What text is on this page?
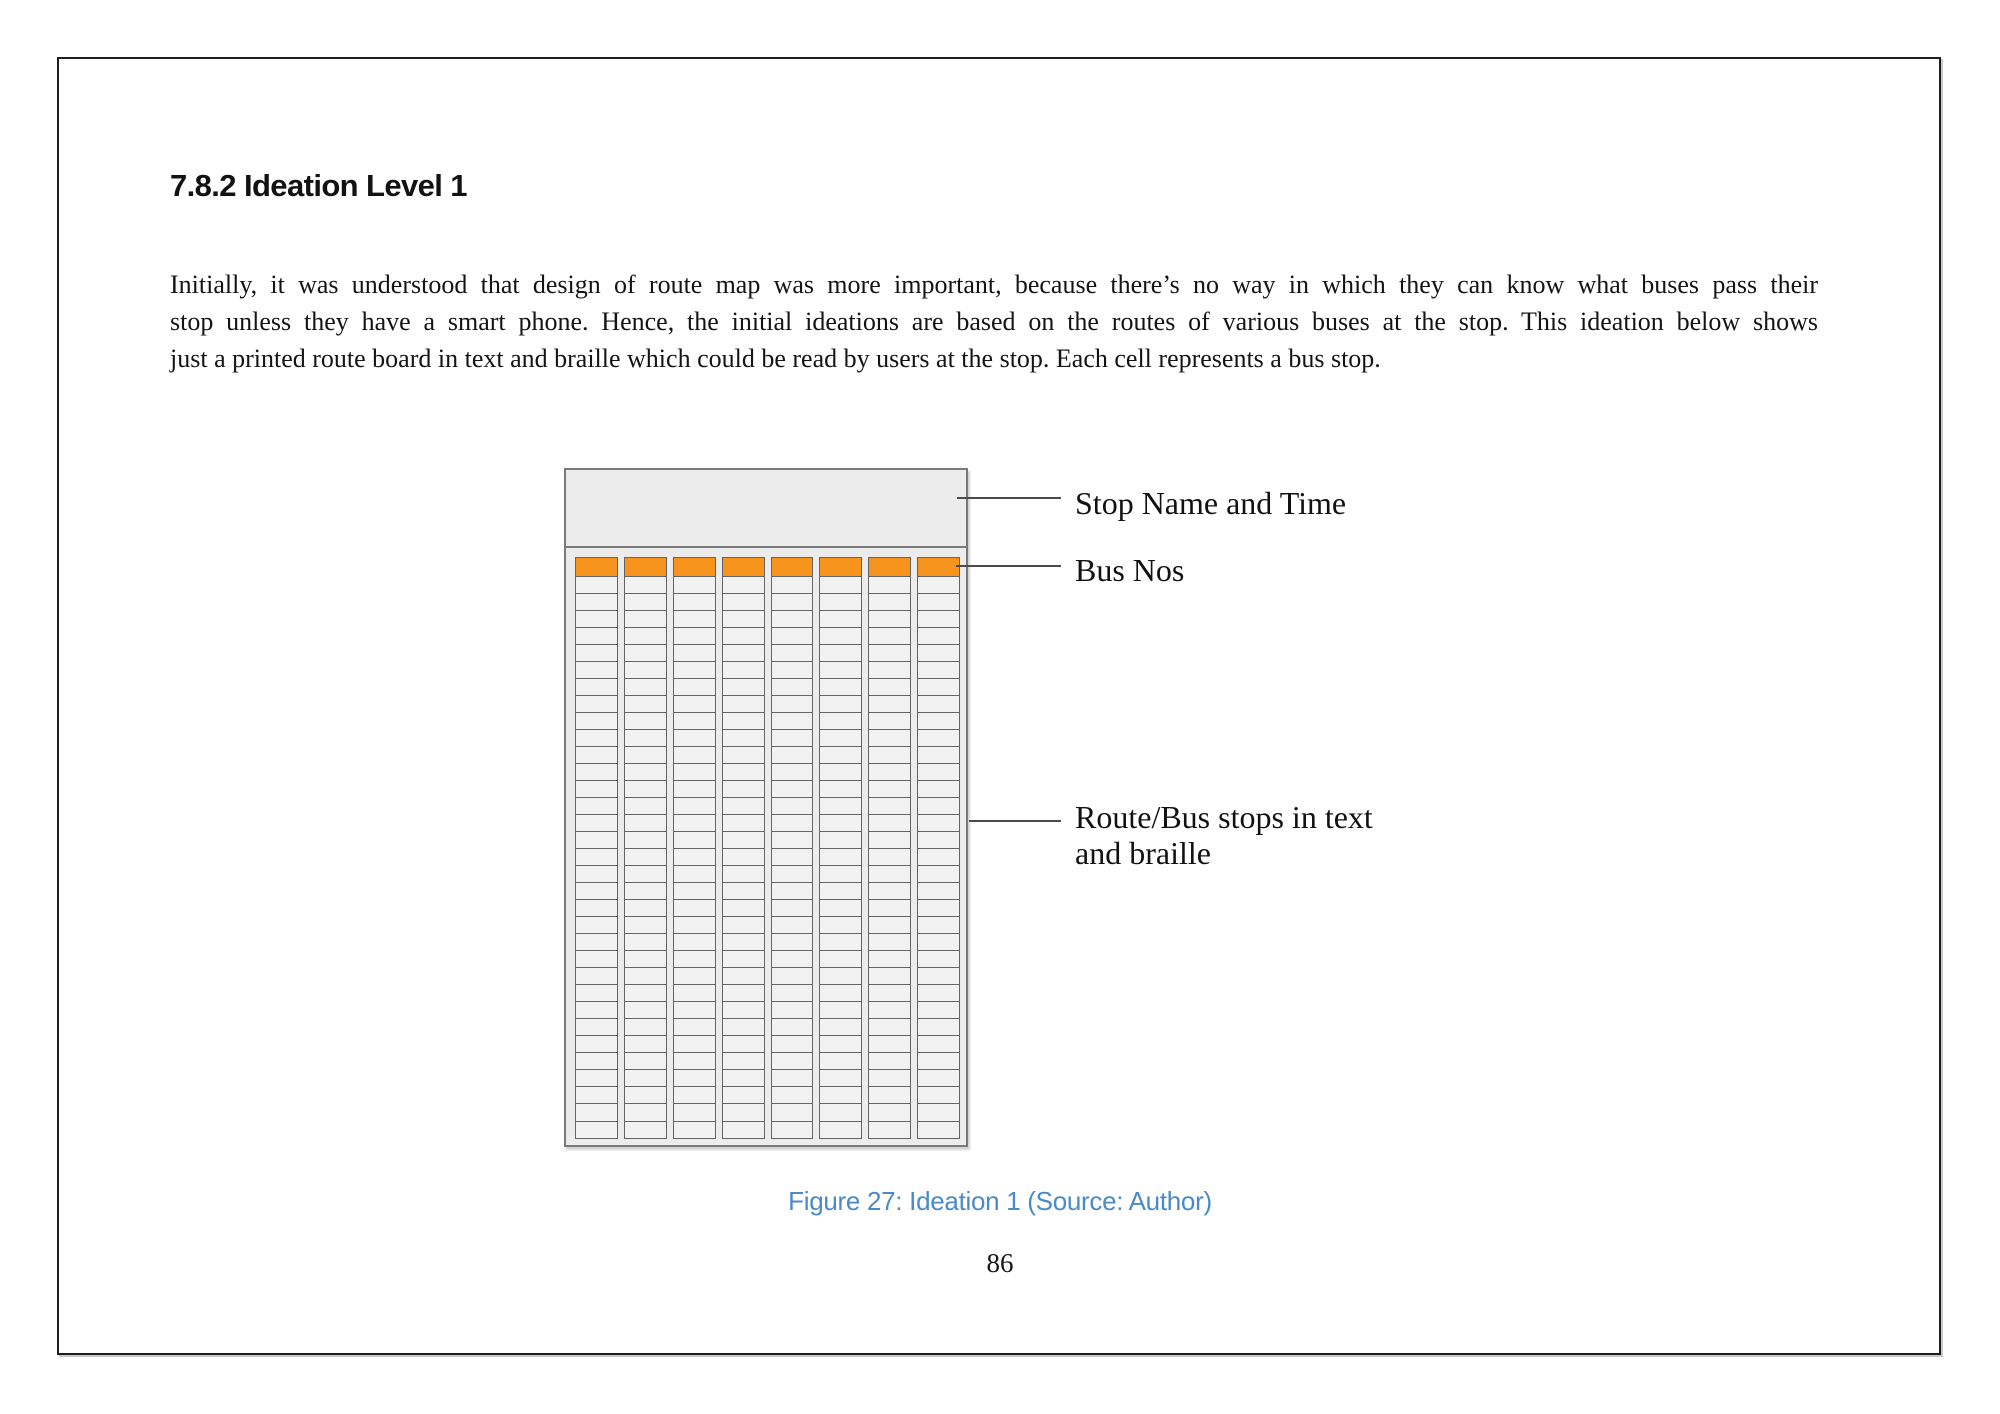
7.8.2 Ideation Level 1
Initially, it was understood that design of route map was more important, because there’s no way in which they can know what buses pass their
stop unless they have a smart phone. Hence, the initial ideations are based on the routes of various buses at the stop. This ideation below shows
just a printed route board in text and braille which could be read by users at the stop. Each cell represents a bus stop.
Stop Name and Time
Bus Nos
Route/Bus stops in text
and braille
Figure 27: Ideation 1 (Source: Author)
86
